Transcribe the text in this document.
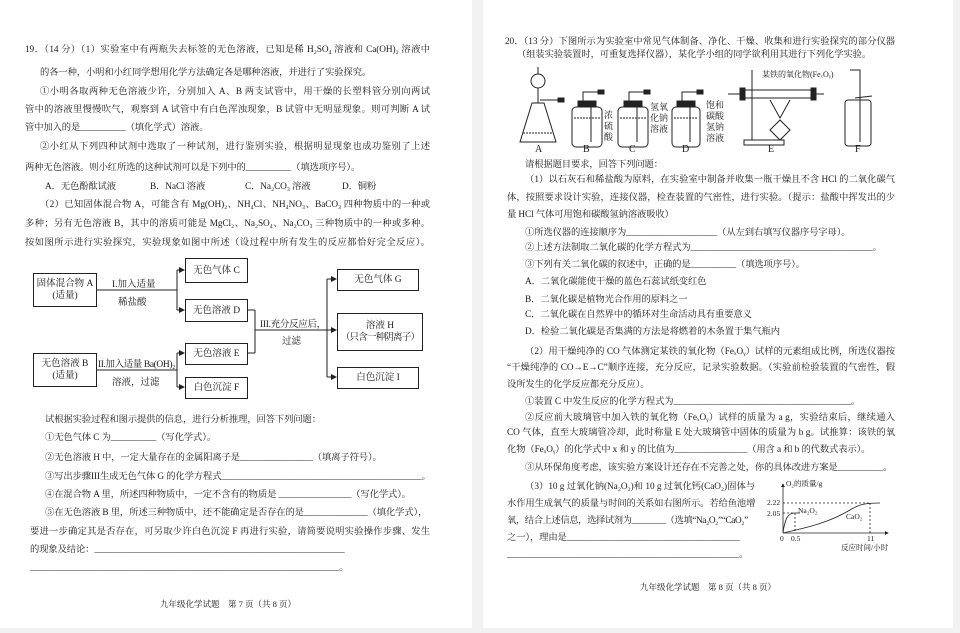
19．（14 分）（1）实验室中有两瓶失去标签的无色溶液，已知是稀 H₂SO₄ 溶液和 Ca(OH)₂ 溶液中
的各一种，小明和小红同学想用化学方法确定各是哪种溶液，并进行了实验探究。
①小明各取两种无色溶液少许，分别加入 A、B 两支试管中，用干燥的长塑料管分别向两试
管中的溶液里慢慢吹气，观察到 A 试管中有白色浑浊现象，B 试管中无明显现象。则可判断 A 试
管中加入的是__________（填化学式）溶液。
②小红从下列四种试剂中选取了一种试剂，进行鉴别实验，根据明显现象也成功鉴别了上述
两种无色溶液。则小红所选的这种试剂可以是下列中的__________（填选项序号）。
A．无色酚酞试液	B．NaCl 溶液	C．Na₂CO₃ 溶液	D．铜粉
（2）已知固体混合物 A，可能含有 Mg(OH)₂、NH₄Cl、NH₄NO₃、BaCO₃ 四种物质中的一种或
多种；另有无色溶液 B，其中的溶质可能是 MgCl₂、Na₂SO₄、Na₂CO₃ 三种物质中的一种或多种。
按如图所示进行实验探究，实验现象如图中所述（设过程中所有发生的反应都恰好完全反应）。
固体混合物 A
(适量)
无色溶液 B
(适量)
无色气体 C
无色溶液 D
无色溶液 E
白色沉淀 F
无色气体 G
溶液 H
（只含一种阴离子）
白色沉淀 I
I.加入适量
稀盐酸
II.加入适量 Ba(OH)₂
溶液，过滤
III.充分反应后，
过滤
试根据实验过程和图示提供的信息，进行分析推理，回答下列问题：
①无色气体 C 为__________（写化学式）。
②无色溶液 H 中，一定大量存在的金属阳离子是________________（填离子符号）。
③写出步骤III生成无色气体 G 的化学方程式____________________________________________。
④在混合物 A 里，所述四种物质中，一定不含有的物质是 ________________（写化学式）。
⑤在无色溶液 B 里，所述三种物质中，还不能确定是否存在的是______________（填化学式），
要进一步确定其是否存在，可另取少许白色沉淀 F 再进行实验，请简要说明实验操作步骤、发生
的现象及结论：_______________________________________________________
____________________________________________________________________。
九年级化学试题　第 7 页（共 8 页）
20．（13 分）下图所示为实验室中常见气体制备、净化、干燥、收集和进行实验探究的部分仪器
（组装实验装置时，可重复选择仪器），某化学小组的同学欲利用其进行下列化学实验。
A	B	C	D	E	F
浓硫酸
氢氧化钠溶液
饱和碳酸氢钠溶液
某铁的氧化物(FeₓOᵧ)
请根据题目要求，回答下列问题：
（1）以石灰石和稀盐酸为原料，在实验室中制备并收集一瓶干燥且不含 HCl 的二氧化碳气
体，按照要求设计实验，连接仪器，检查装置的气密性，进行实验。（提示：盐酸中挥发出的少
量 HCl 气体可用饱和碳酸氢钠溶液吸收）
①所选仪器的连接顺序为____________________（从左到右填写仪器序号字母）。
②上述方法制取二氧化碳的化学方程式为________________________________________。
③下列有关二氧化碳的叙述中，正确的是__________（填选项序号）。
A．二氧化碳能使干燥的蓝色石蕊试纸变红色
B．二氧化碳是植物光合作用的原料之一
C．二氧化碳在自然界中的循环对生命活动具有重要意义
D．检验二氧化碳是否集满的方法是将燃着的木条置于集气瓶内
（2）用干燥纯净的 CO 气体测定某铁的氧化物（FeₓOᵧ）试样的元素组成比例，所选仪器按
“干燥纯净的 CO→E→C”顺序连接，充分反应，记录实验数据。（实验前检验装置的气密性，假
设所发生的化学反应都充分反应）。
①装置 C 中发生反应的化学方程式为_______________________________________。
②反应前大玻璃管中加入铁的氧化物（FeₓOᵧ）试样的质量为 a g，实验结束后，继续通入
CO 气体，直至大玻璃管冷却，此时称量 E 处大玻璃管中固体的质量为 b g。试推算：该铁的氧
化物（FeₓOᵧ）的化学式中 x 和 y 的比值为________________（用含 a 和 b 的代数式表示）。
③从环保角度考虑，该实验方案设计还存在不完善之处，你的具体改进方案是__________。
（3）10 g 过氧化钠(Na₂O₂)和 10 g 过氧化钙(CaO₂)固体与
水作用生成氧气的质量与时间的关系如右图所示。若给鱼池增
氧，结合上述信息，选择试剂为________（选填“Na₂O₂”“CaO₂”
之一），理由是______________________________________
___________________________________________________。
O₂的质量/g
2.22
2.05
0 0.5	11
反应时间/小时
Na₂O₂
CaO₂
九年级化学试题　第 8 页（共 8 页）
